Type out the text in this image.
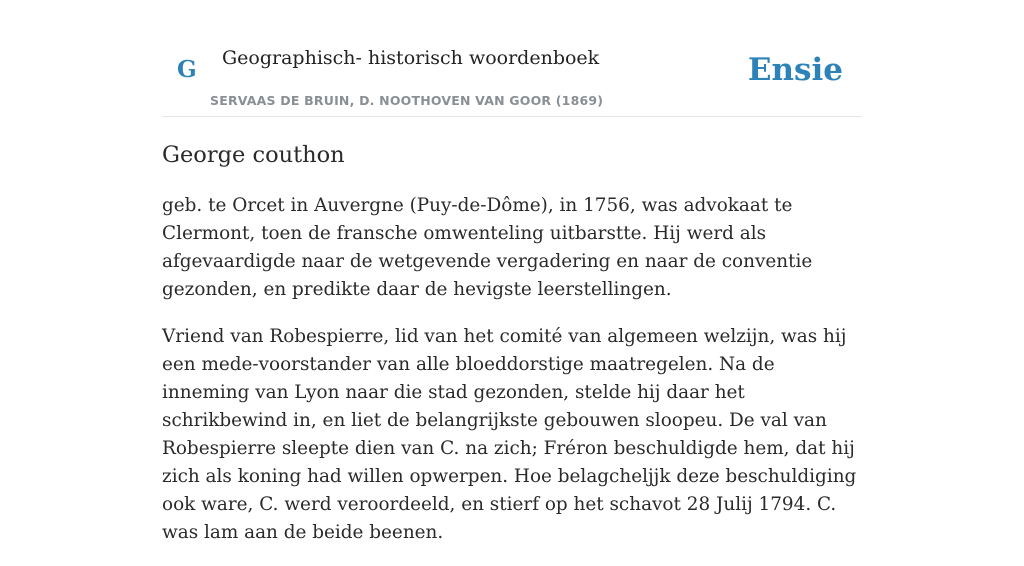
G Geographisch- historisch woordenboek
SERVAAS DE BRUIN, D. NOOTHOVEN VAN GOOR (1869)
Ensie
George couthon

geb. te Orcet in Auvergne (Puy-de-Dôme), in 1756, was advokaat te Clermont, toen de fransche omwenteling uitbarstte. Hij werd als afgevaardigde naar de wetgevende vergadering en naar de conventie gezonden, en predikte daar de hevigste leerstellingen.

Vriend van Robespierre, lid van het comité van algemeen welzijn, was hij een mede-voorstander van alle bloeddorstige maatregelen. Na de inneming van Lyon naar die stad gezonden, stelde hij daar het schrikbewind in, en liet de belangrijkste gebouwen sloopeu. De val van Robespierre sleepte dien van C. na zich; Fréron beschuldigde hem, dat hij zich als koning had willen opwerpen. Hoe belagcheljjk deze beschuldiging ook ware, C. werd veroordeeld, en stierf op het schavot 28 Julij 1794. C. was lam aan de beide beenen.
